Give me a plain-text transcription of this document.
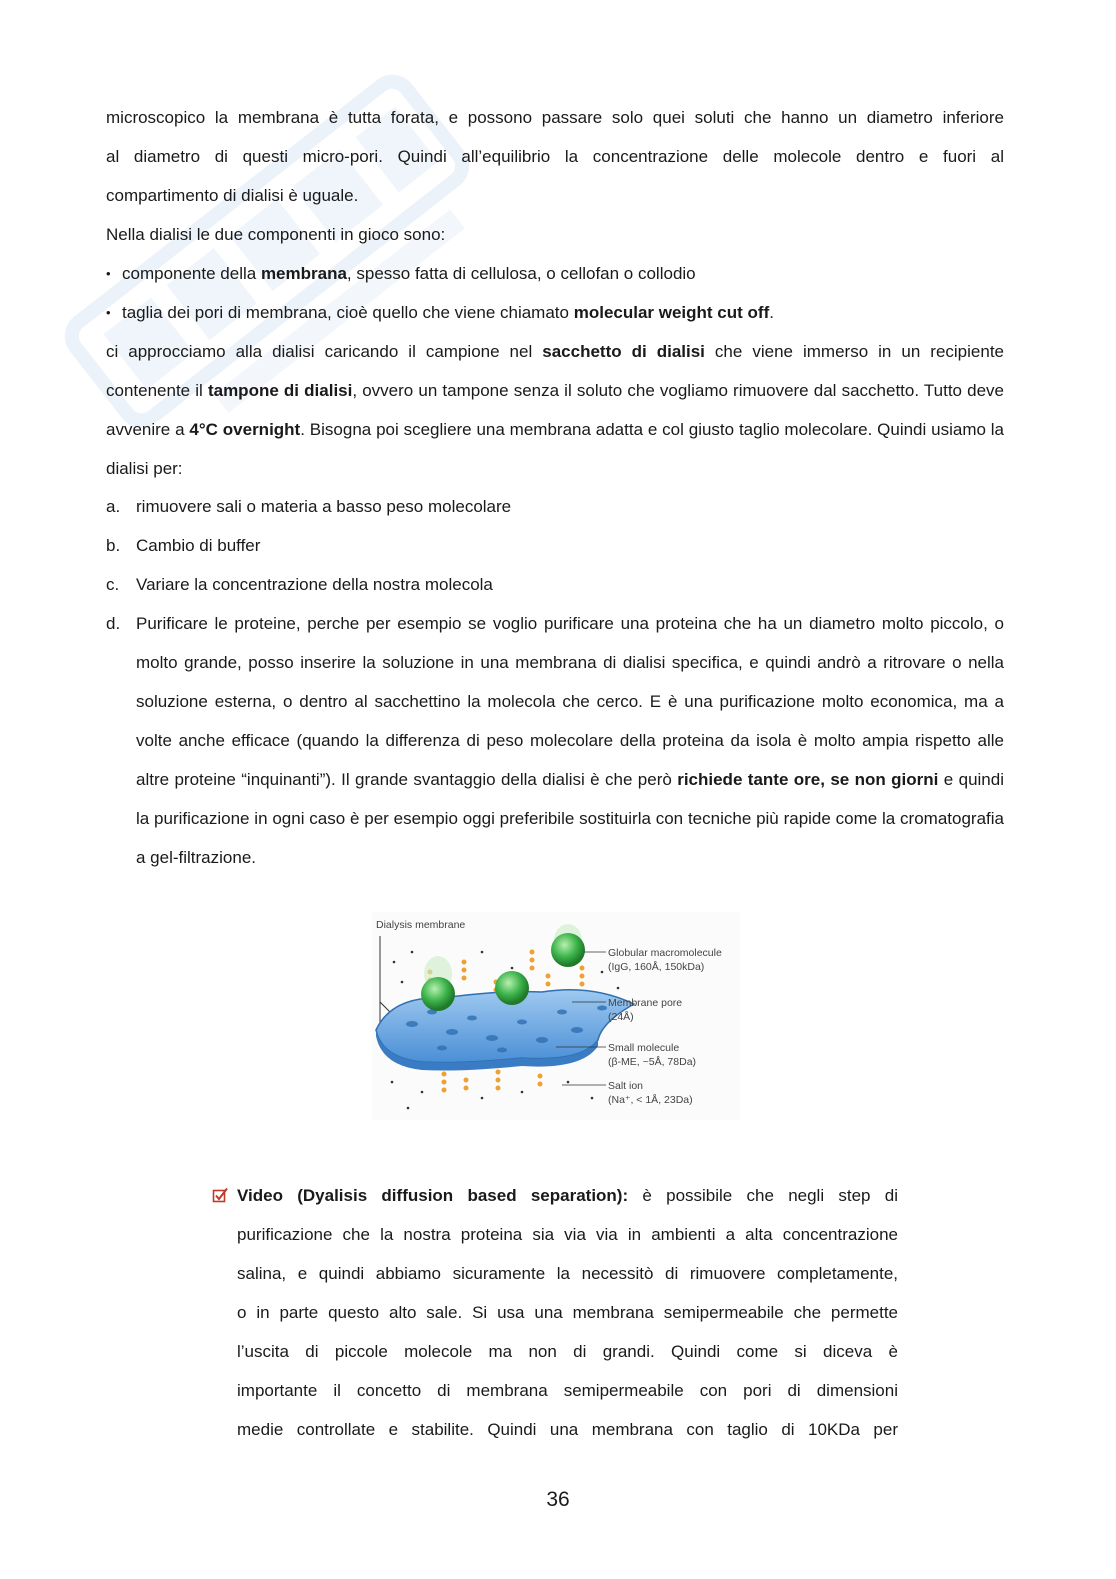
microscopico la membrana è tutta forata, e possono passare solo quei soluti che hanno un diametro inferiore
al diametro di questi micro-pori. Quindi all’equilibrio la concentrazione delle molecole dentro e fuori al
compartimento di dialisi è uguale.
Nella dialisi le due componenti in gioco sono:
• componente della membrana, spesso fatta di cellulosa, o cellofan o collodio
• taglia dei pori di membrana, cioè quello che viene chiamato molecular weight cut off.
ci approcciamo alla dialisi caricando il campione nel sacchetto di dialisi che viene immerso in un recipiente contenente il tampone di dialisi, ovvero un tampone senza il soluto che vogliamo rimuovere dal sacchetto. Tutto deve avvenire a 4°C overnight. Bisogna poi scegliere una membrana adatta e col giusto taglio molecolare. Quindi usiamo la dialisi per:
a. rimuovere sali o materia a basso peso molecolare
b. Cambio di buffer
c. Variare la concentrazione della nostra molecola
d. Purificare le proteine, perche per esempio se voglio purificare una proteina che ha un diametro molto piccolo, o molto grande, posso inserire la soluzione in una membrana di dialisi specifica, e quindi andrò a ritrovare o nella soluzione esterna, o dentro al sacchettino la molecola che cerco. E è una purificazione molto economica, ma a volte anche efficace (quando la differenza di peso molecolare della proteina da isola è molto ampia rispetto alle altre proteine “inquinanti”). Il grande svantaggio della dialisi è che però richiede tante ore, se non giorni e quindi la purificazione in ogni caso è per esempio oggi preferibile sostituirla con tecniche più rapide come la cromatografia a gel-filtrazione.
Dialysis membrane
Globular macromolecule
(IgG, 160Å, 150kDa)
Membrane pore
(24Å)
Small molecule
(β-ME, ~5Å, 78Da)
Salt ion
(Na⁺, < 1Å, 23Da)
Video (Dyalisis diffusion based separation): è possibile che negli step di
purificazione che la nostra proteina sia via via in ambienti a alta concentrazione
salina, e quindi abbiamo sicuramente la necessitò di rimuovere completamente,
o in parte questo alto sale. Si usa una membrana semipermeabile che permette
l’uscita di piccole molecole ma non di grandi. Quindi come si diceva è
importante il concetto di membrana semipermeabile con pori di dimensioni
medie controllate e stabilite. Quindi una membrana con taglio di 10KDa per
36
